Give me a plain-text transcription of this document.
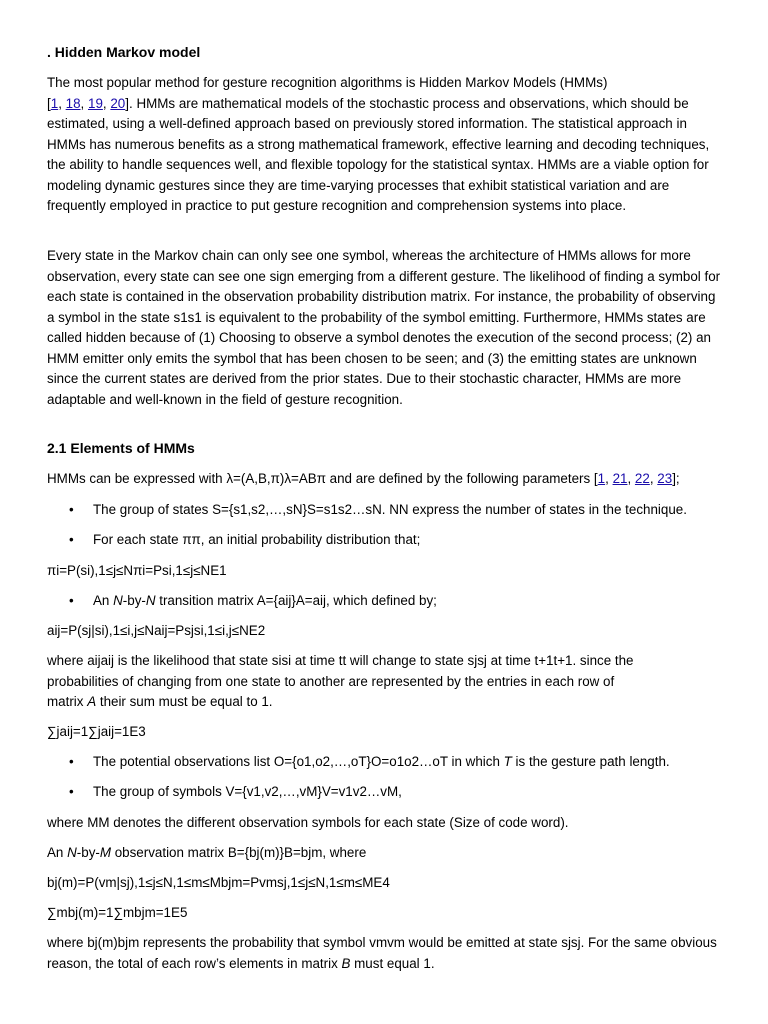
. Hidden Markov model

The most popular method for gesture recognition algorithms is Hidden Markov Models (HMMs)
[1, 18, 19, 20]. HMMs are mathematical models of the stochastic process and observations, which should be estimated, using a well-defined approach based on previously stored information. The statistical approach in HMMs has numerous benefits as a strong mathematical framework, effective learning and decoding techniques, the ability to handle sequences well, and flexible topology for the statistical syntax. HMMs are a viable option for modeling dynamic gestures since they are time-varying processes that exhibit statistical variation and are frequently employed in practice to put gesture recognition and comprehension systems into place.

Every state in the Markov chain can only see one symbol, whereas the architecture of HMMs allows for more observation, every state can see one sign emerging from a different gesture. The likelihood of finding a symbol for each state is contained in the observation probability distribution matrix. For instance, the probability of observing a symbol in the state s1s1 is equivalent to the probability of the symbol emitting. Furthermore, HMMs states are called hidden because of (1) Choosing to observe a symbol denotes the execution of the second process; (2) an HMM emitter only emits the symbol that has been chosen to be seen; and (3) the emitting states are unknown since the current states are derived from the prior states. Due to their stochastic character, HMMs are more adaptable and well-known in the field of gesture recognition.

2.1 Elements of HMMs

HMMs can be expressed with λ=(A,B,π)λ=ABπ and are defined by the following parameters [1, 21, 22, 23];

• The group of states S={s1,s2,…,sN}S=s1s2…sN. NN express the number of states in the technique.
• For each state ππ, an initial probability distribution that;

πi=P(si),1≤j≤Nπi=Psi,1≤j≤NE1

• An N-by-N transition matrix A={aij}A=aij, which defined by;

aij=P(sj|si),1≤i,j≤Naij=Psjsi,1≤i,j≤NE2

where aijaij is the likelihood that state sisi at time tt will change to state sjsj at time t+1t+1. since the
probabilities of changing from one state to another are represented by the entries in each row of
matrix A their sum must be equal to 1.

∑jaij=1∑jaij=1E3

• The potential observations list O={o1,o2,…,oT}O=o1o2…oT in which T is the gesture path length.
• The group of symbols V={v1,v2,…,vM}V=v1v2…vM,

where MM denotes the different observation symbols for each state (Size of code word).

An N-by-M observation matrix B={bj(m)}B=bjm, where

bj(m)=P(vm|sj),1≤j≤N,1≤m≤Mbjm=Pvmsj,1≤j≤N,1≤m≤ME4

∑mbj(m)=1∑mbjm=1E5

where bj(m)bjm represents the probability that symbol vmvm would be emitted at state sjsj. For the same obvious reason, the total of each row’s elements in matrix B must equal 1.
